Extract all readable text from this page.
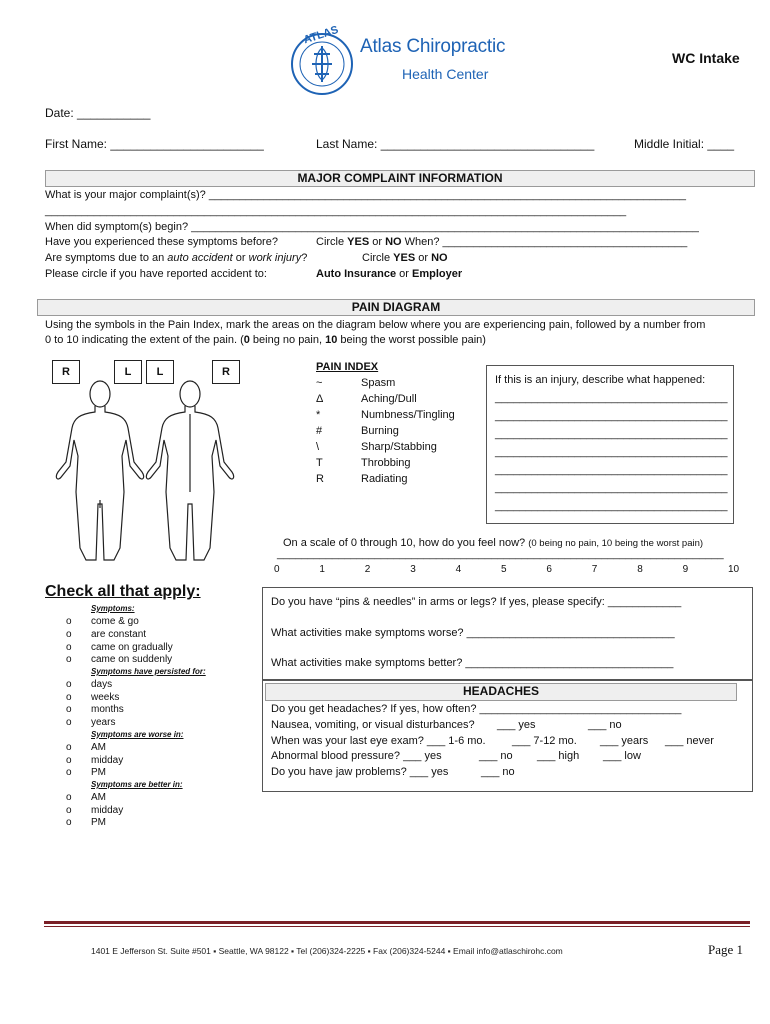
ATLAS
Atlas Chiropractic
Health Center
WC Intake
Date: ___________
First Name: _______________________	Last Name: ________________________________	Middle Initial: ____
MAJOR COMPLAINT INFORMATION
What is your major complaint(s)? ______________________________________________________________________________
_______________________________________________________________________________________________
When did symptom(s) begin? ___________________________________________________________________________________
Have you experienced these symptoms before?	Circle YES or NO When? ________________________________________
Are symptoms due to an auto accident or work injury?	Circle YES or NO
Please circle if you have reported accident to:	Auto Insurance or Employer
PAIN DIAGRAM
Using the symbols in the Pain Index, mark the areas on the diagram below where you are experiencing pain, followed by a number from
0 to 10 indicating the extent of the pain. (0 being no pain, 10 being the worst possible pain)
R	L	L	R	PAIN INDEX
~	Spasm
Δ	Aching/Dull
*	Numbness/Tingling
#	Burning
\	Sharp/Stabbing
T	Throbbing
R	Radiating
If this is an injury, describe what happened:
______________________________________
______________________________________
______________________________________
______________________________________
______________________________________
______________________________________
______________________________________
On a scale of 0 through 10, how do you feel now? (0 being no pain, 10 being the worst pain)
_________________________________________________________________________
0	1	2	3	4	5	6	7	8	9	10
Check all that apply:
Symptoms:
o come & go
o are constant
o came on gradually
o came on suddenly
Symptoms have persisted for:
o days
o weeks
o months
o years
Symptoms are worse in:
o AM
o midday
o PM
Symptoms are better in:
o AM
o midday
o PM
Do you have “pins & needles” in arms or legs? If yes, please specify: ____________
What activities make symptoms worse? __________________________________
What activities make symptoms better? __________________________________
HEADACHES
Do you get headaches? If yes, how often? _________________________________
Nausea, vomiting, or visual disturbances? ___ yes	___ no
When was your last eye exam? ___ 1-6 mo. ___ 7-12 mo. ___ years ___ never
Abnormal blood pressure? ___ yes	___ no ___ high ___ low
Do you have jaw problems? ___ yes	___ no
1401 E Jefferson St. Suite #501 ▪ Seattle, WA 98122 ▪ Tel (206)324-2225 ▪ Fax (206)324-5244 ▪ Email info@atlaschirohc.com	Page 1
